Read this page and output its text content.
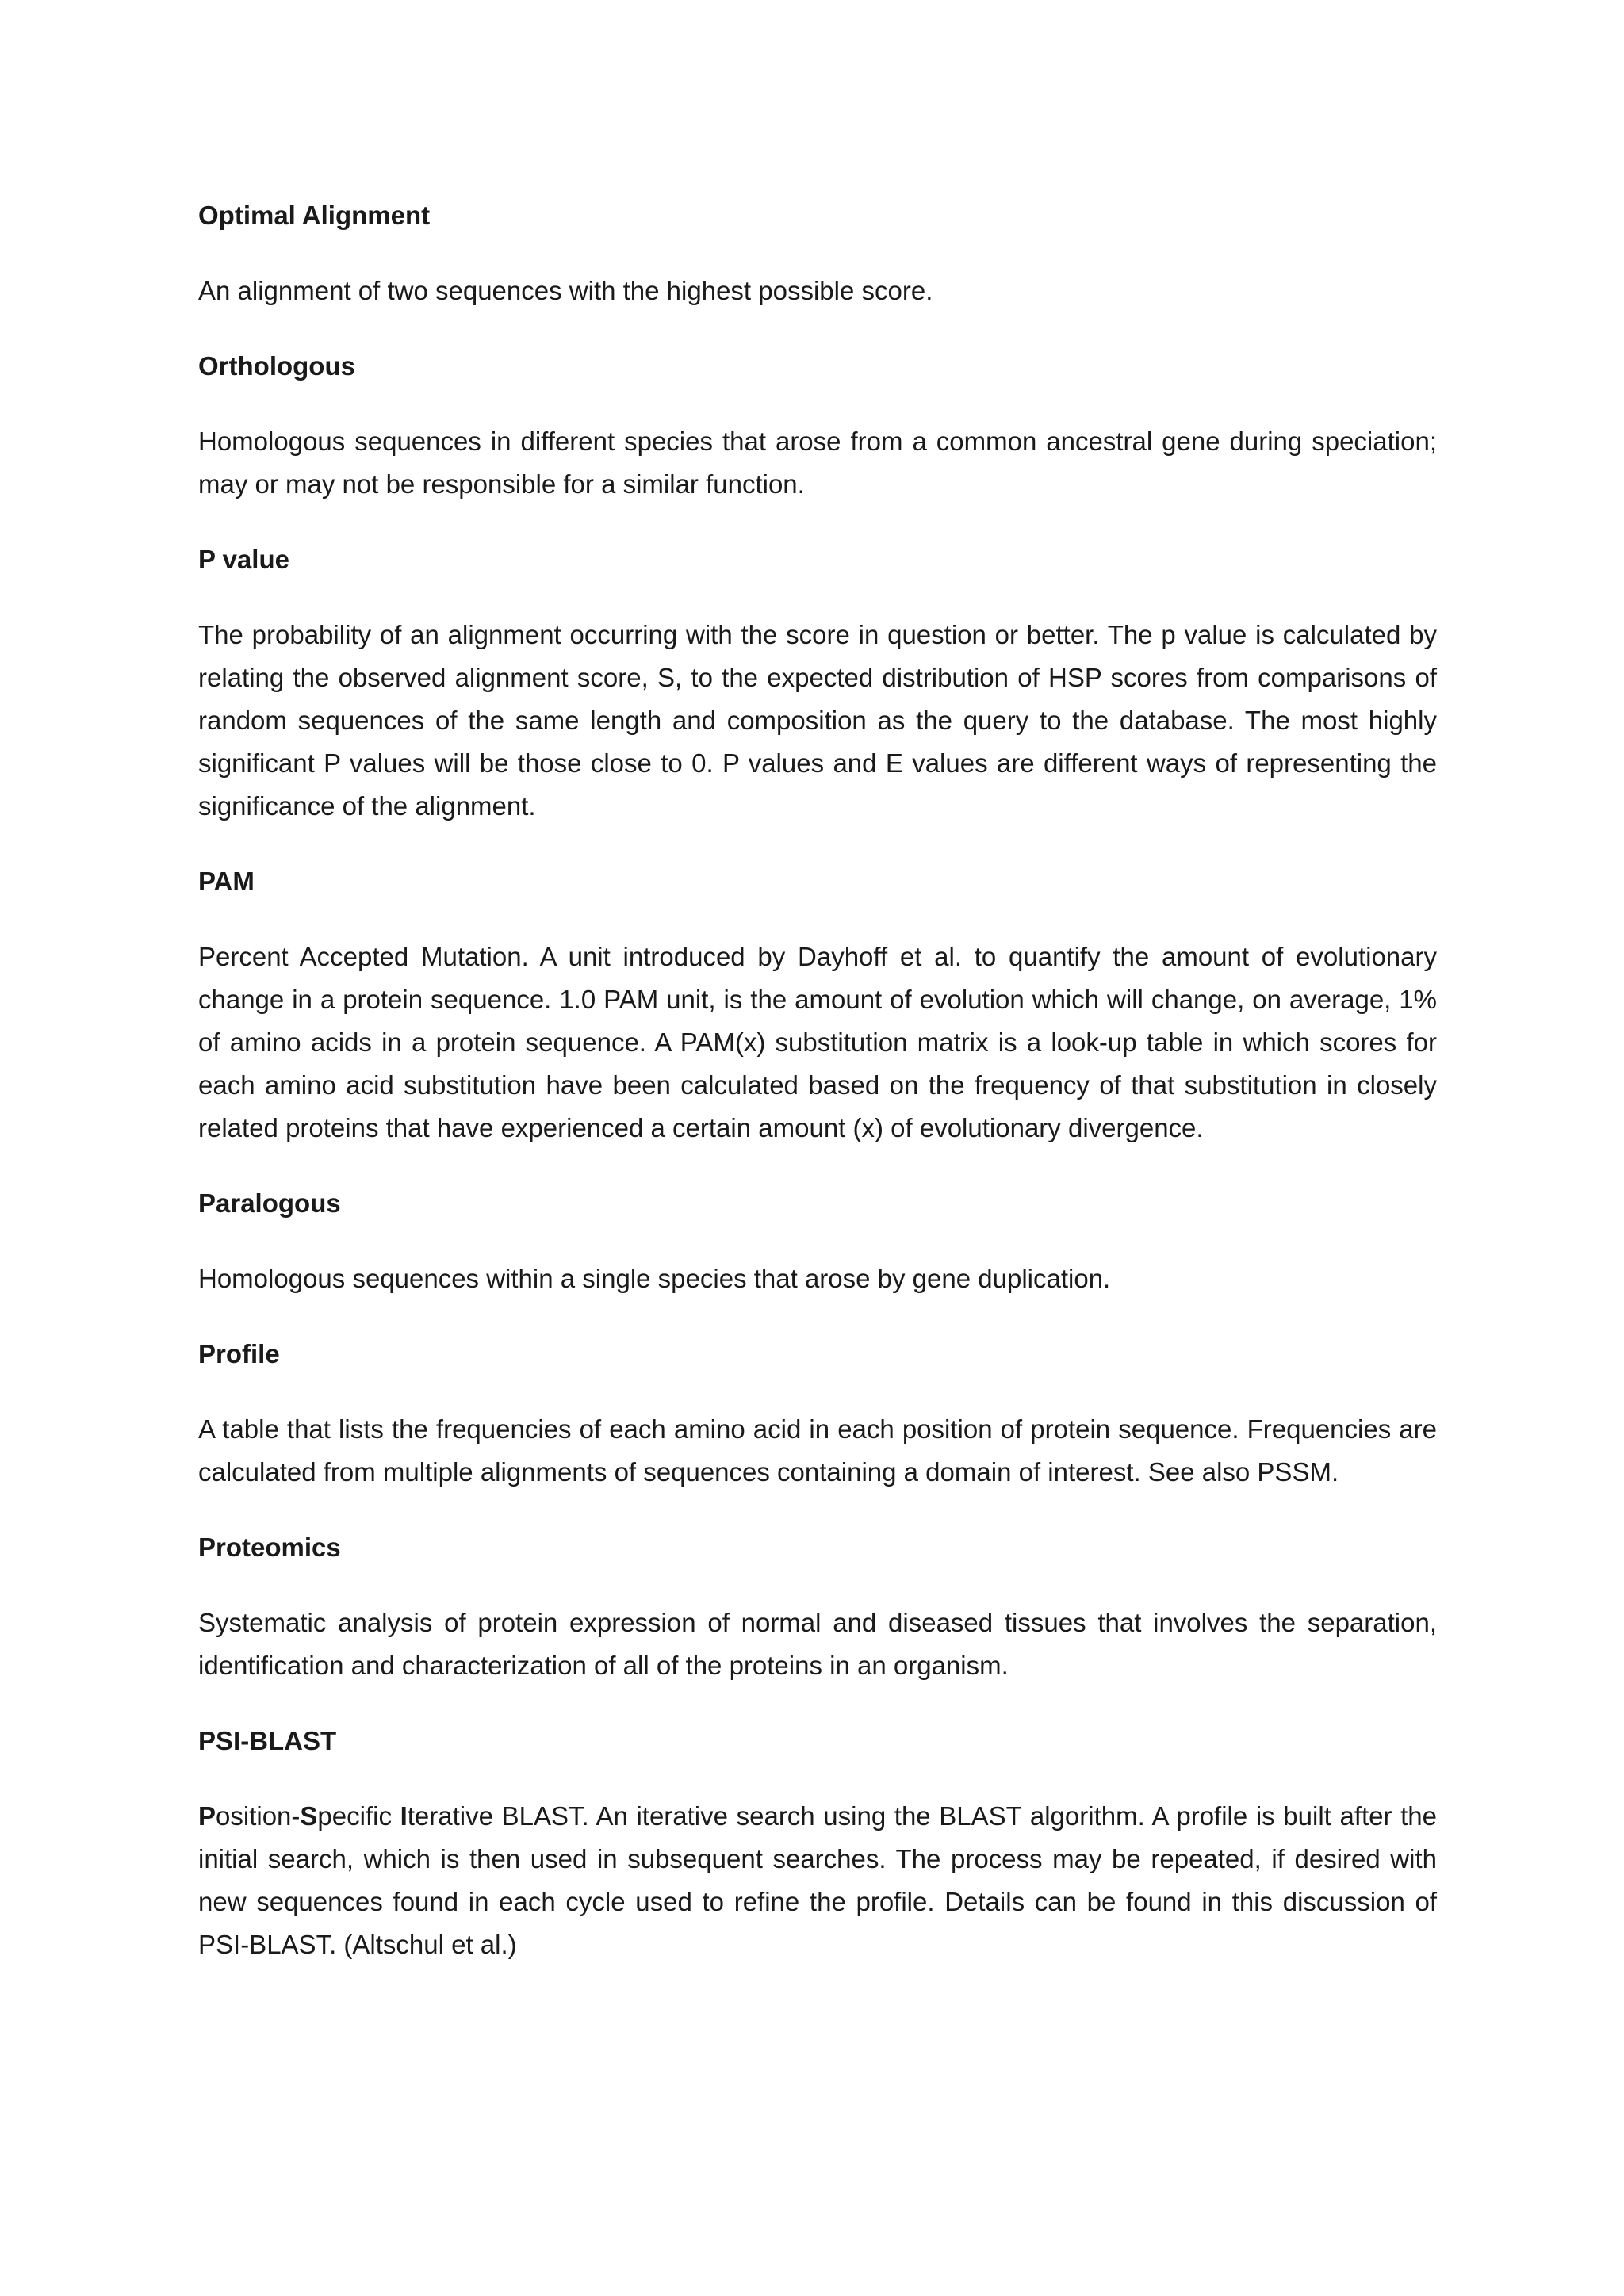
Optimal Alignment

An alignment of two sequences with the highest possible score.

Orthologous

Homologous sequences in different species that arose from a common ancestral gene during speciation; may or may not be responsible for a similar function.

P value

The probability of an alignment occurring with the score in question or better. The p value is calculated by relating the observed alignment score, S, to the expected distribution of HSP scores from comparisons of random sequences of the same length and composition as the query to the database. The most highly significant P values will be those close to 0. P values and E values are different ways of representing the significance of the alignment.

PAM

Percent Accepted Mutation. A unit introduced by Dayhoff et al. to quantify the amount of evolutionary change in a protein sequence. 1.0 PAM unit, is the amount of evolution which will change, on average, 1% of amino acids in a protein sequence. A PAM(x) substitution matrix is a look-up table in which scores for each amino acid substitution have been calculated based on the frequency of that substitution in closely related proteins that have experienced a certain amount (x) of evolutionary divergence.

Paralogous

Homologous sequences within a single species that arose by gene duplication.

Profile

A table that lists the frequencies of each amino acid in each position of protein sequence. Frequencies are calculated from multiple alignments of sequences containing a domain of interest. See also PSSM.

Proteomics

Systematic analysis of protein expression of normal and diseased tissues that involves the separation, identification and characterization of all of the proteins in an organism.

PSI-BLAST

Position-Specific Iterative BLAST. An iterative search using the BLAST algorithm. A profile is built after the initial search, which is then used in subsequent searches. The process may be repeated, if desired with new sequences found in each cycle used to refine the profile. Details can be found in this discussion of PSI-BLAST. (Altschul et al.)
